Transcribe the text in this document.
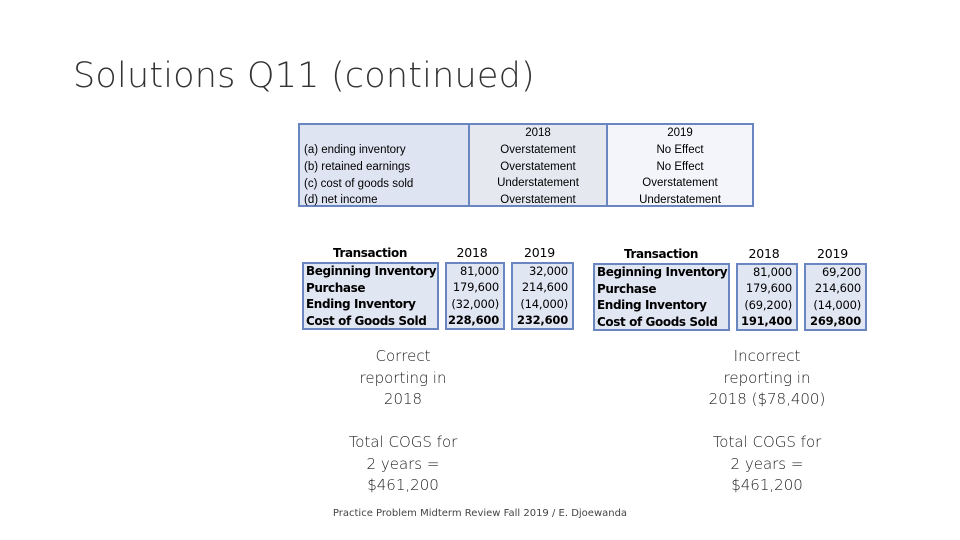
Solutions Q11 (continued)
(a) ending inventory
(b) retained earnings
(c) cost of goods sold
(d) net income
2018
Overstatement
Overstatement
Understatement
Overstatement
2019
No Effect
No Effect
Overstatement
Understatement
Transaction
Beginning Inventory
Purchase
Ending Inventory
Cost of Goods Sold
2018
81,000
179,600
(32,000)
228,600
2019
32,000
214,600
(14,000)
232,600
Transaction
Beginning Inventory
Purchase
Ending Inventory
Cost of Goods Sold
2018
81,000
179,600
(69,200)
191,400
2019
69,200
214,600
(14,000)
269,800
Correct
reporting in
2018
Incorrect
reporting in
2018 ($78,400)
Total COGS for
2 years =
$461,200
Total COGS for
2 years =
$461,200
Practice Problem Midterm Review Fall 2019 / E. Djoewanda
